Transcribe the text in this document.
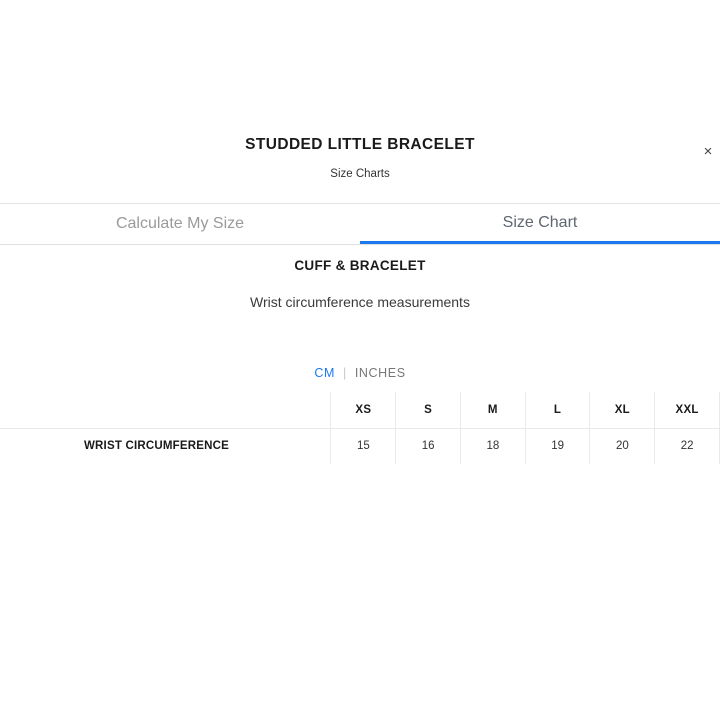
STUDDED LITTLE BRACELET
Size Charts
×
Calculate My Size	Size Chart
CUFF & BRACELET
Wrist circumference measurements
CM | INCHES
	XS	S	M	L	XL	XXL
WRIST CIRCUMFERENCE	15	16	18	19	20	22
